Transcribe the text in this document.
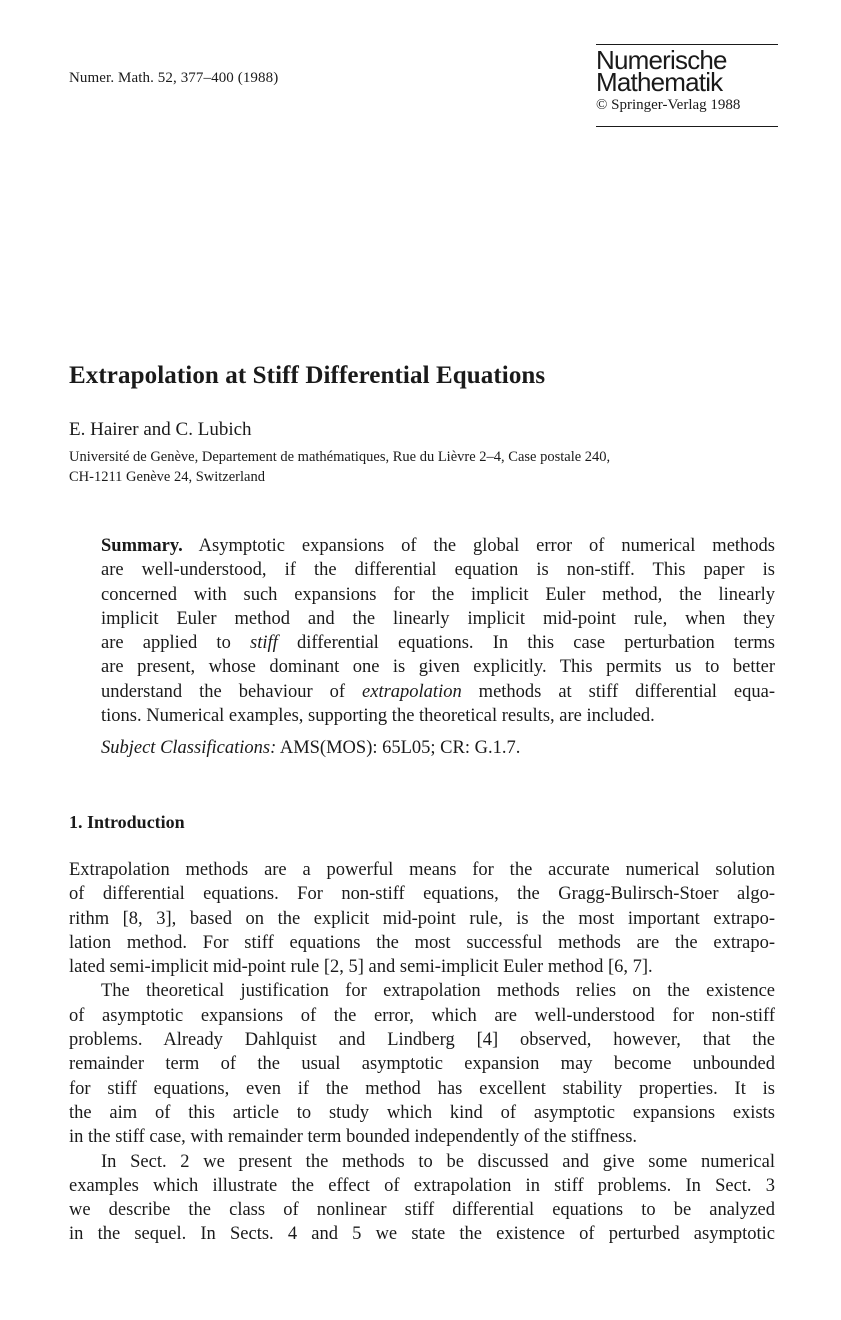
Numer. Math. 52, 377–400 (1988)
Numerische
Mathematik
© Springer-Verlag 1988
Extrapolation at Stiff Differential Equations
E. Hairer and C. Lubich
Université de Genève, Departement de mathématiques, Rue du Lièvre 2–4, Case postale 240,
CH-1211 Genève 24, Switzerland
Summary. Asymptotic expansions of the global error of numerical methods
are well-understood, if the differential equation is non-stiff. This paper is
concerned with such expansions for the implicit Euler method, the linearly
implicit Euler method and the linearly implicit mid-point rule, when they
are applied to stiff differential equations. In this case perturbation terms
are present, whose dominant one is given explicitly. This permits us to better
understand the behaviour of extrapolation methods at stiff differential equa-
tions. Numerical examples, supporting the theoretical results, are included.
Subject Classifications: AMS(MOS): 65L05; CR: G.1.7.
1. Introduction
Extrapolation methods are a powerful means for the accurate numerical solution
of differential equations. For non-stiff equations, the Gragg-Bulirsch-Stoer algo-
rithm [8, 3], based on the explicit mid-point rule, is the most important extrapo-
lation method. For stiff equations the most successful methods are the extrapo-
lated semi-implicit mid-point rule [2, 5] and semi-implicit Euler method [6, 7].
The theoretical justification for extrapolation methods relies on the existence
of asymptotic expansions of the error, which are well-understood for non-stiff
problems. Already Dahlquist and Lindberg [4] observed, however, that the
remainder term of the usual asymptotic expansion may become unbounded
for stiff equations, even if the method has excellent stability properties. It is
the aim of this article to study which kind of asymptotic expansions exists
in the stiff case, with remainder term bounded independently of the stiffness.
In Sect. 2 we present the methods to be discussed and give some numerical
examples which illustrate the effect of extrapolation in stiff problems. In Sect. 3
we describe the class of nonlinear stiff differential equations to be analyzed
in the sequel. In Sects. 4 and 5 we state the existence of perturbed asymptotic
